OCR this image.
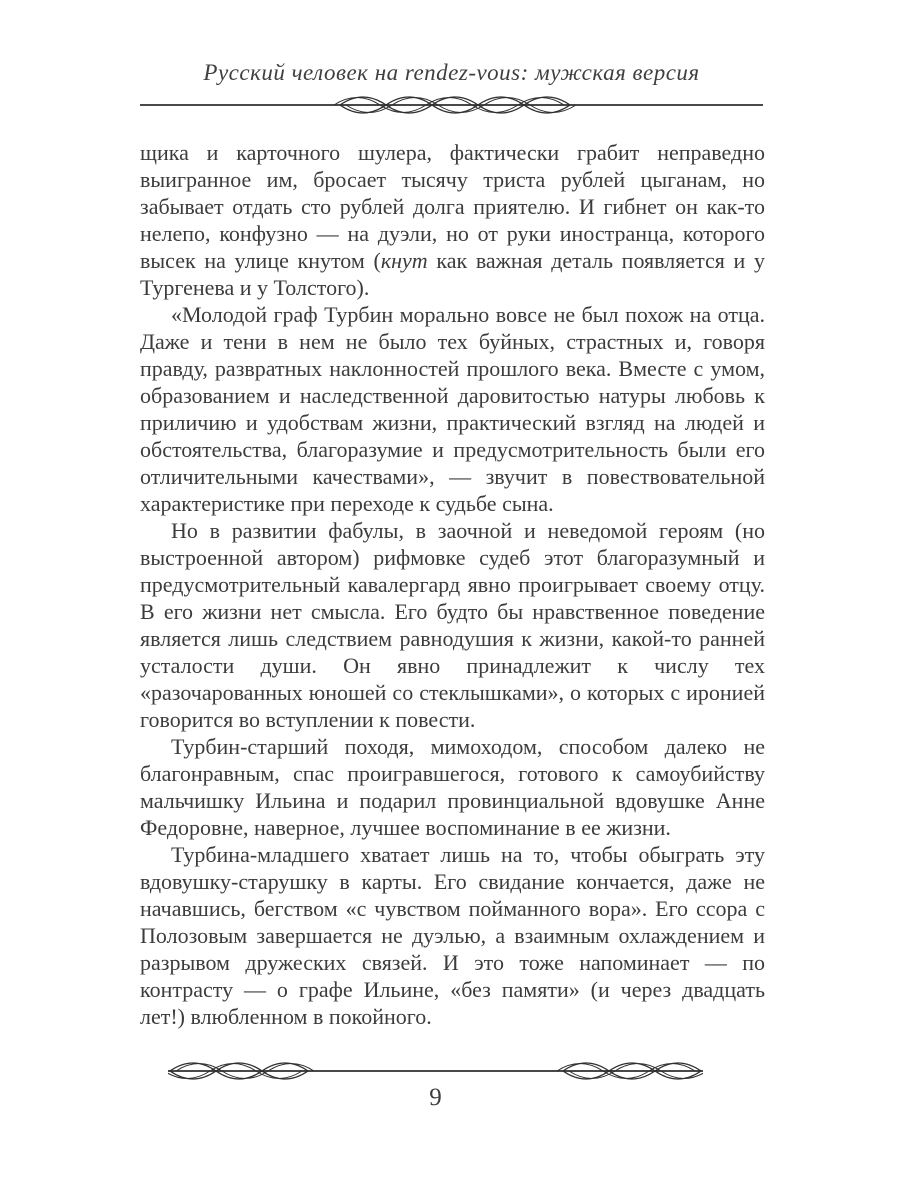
Русский человек на rendez-vous: мужская версия

щика и карточного шулера, фактически грабит неправедно выигранное им, бросает тысячу триста рублей цыганам, но забывает отдать сто рублей долга приятелю. И гибнет он как-то нелепо, конфузно — на дуэли, но от руки иностранца, которого высек на улице кнутом (кнут как важная деталь появляется и у Тургенева и у Толстого).

«Молодой граф Турбин морально вовсе не был похож на отца. Даже и тени в нем не было тех буйных, страстных и, говоря правду, развратных наклонностей прошлого века. Вместе с умом, образованием и наследственной даровитостью натуры любовь к приличию и удобствам жизни, практический взгляд на людей и обстоятельства, благоразумие и предусмотрительность были его отличительными качествами», — звучит в повествовательной характеристике при переходе к судьбе сына.

Но в развитии фабулы, в заочной и неведомой героям (но выстроенной автором) рифмовке судеб этот благоразумный и предусмотрительный кавалергард явно проигрывает своему отцу. В его жизни нет смысла. Его будто бы нравственное поведение является лишь следствием равнодушия к жизни, какой-то ранней усталости души. Он явно принадлежит к числу тех «разочарованных юношей со стеклышками», о которых с иронией говорится во вступлении к повести.

Турбин-старший походя, мимоходом, способом далеко не благонравным, спас проигравшегося, готового к самоубийству мальчишку Ильина и подарил провинциальной вдовушке Анне Федоровне, наверное, лучшее воспоминание в ее жизни.

Турбина-младшего хватает лишь на то, чтобы обыграть эту вдовушку-старушку в карты. Его свидание кончается, даже не начавшись, бегством «с чувством пойманного вора». Его ссора с Полозовым завершается не дуэлью, а взаимным охлаждением и разрывом дружеских связей. И это тоже напоминает — по контрасту — о графе Ильине, «без памяти» (и через двадцать лет!) влюбленном в покойного.

9
